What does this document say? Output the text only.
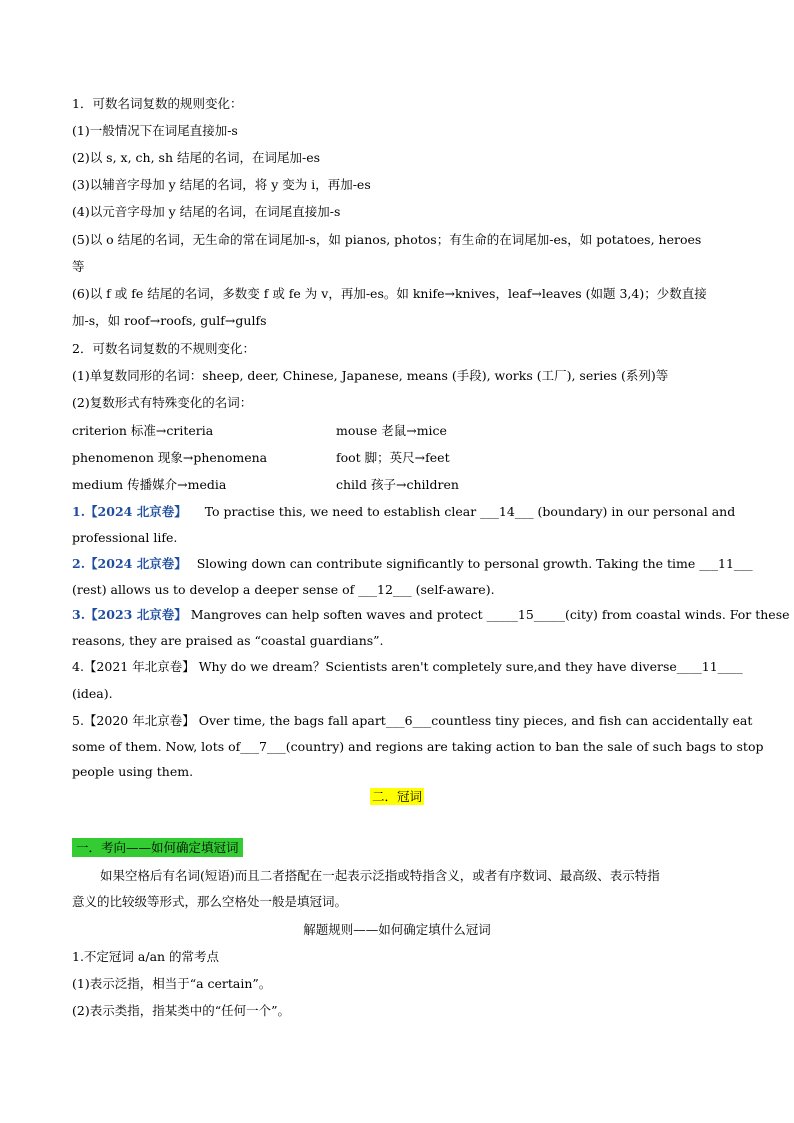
1．可数名词复数的规则变化：
(1)一般情况下在词尾直接加-s
(2)以 s, x, ch, sh 结尾的名词，在词尾加-es
(3)以辅音字母加 y 结尾的名词，将 y 变为 i，再加-es
(4)以元音字母加 y 结尾的名词，在词尾直接加-s
(5)以 o 结尾的名词，无生命的常在词尾加-s，如 pianos, photos；有生命的在词尾加-es，如 potatoes, heroes
等
(6)以 f 或 fe 结尾的名词，多数变 f 或 fe 为 v，再加-es。如 knife→knives，leaf→leaves (如题 3,4)；少数直接
加-s，如 roof→roofs, gulf→gulfs
2．可数名词复数的不规则变化：
(1)单复数同形的名词：sheep, deer, Chinese, Japanese, means (手段), works (工厂), series (系列)等
(2)复数形式有特殊变化的名词：
criterion 标准→criteria	mouse 老鼠→mice
phenomenon 现象→phenomena	foot 脚；英尺→feet
medium 传播媒介→media	child 孩子→children
1.【2024 北京卷】 To practise this, we need to establish clear ___14___ (boundary) in our personal and
professional life.
2.【2024 北京卷】 Slowing down can contribute significantly to personal growth. Taking the time ___11___
(rest) allows us to develop a deeper sense of ___12___ (self-aware).
3.【2023 北京卷】 Mangroves can help soften waves and protect _____15_____(city) from coastal winds. For these
reasons, they are praised as “coastal guardians”.
4.【2021 年北京卷】 Why do we dream？Scientists aren't completely sure,and they have diverse____11____
(idea).
5.【2020 年北京卷】 Over time, the bags fall apart___6___countless tiny pieces, and fish can accidentally eat
some of them. Now, lots of___7___(country) and regions are taking action to ban the sale of such bags to stop
people using them.
二．冠词
一．考向——如何确定填冠词
如果空格后有名词(短语)而且二者搭配在一起表示泛指或特指含义，或者有序数词、最高级、表示特指
意义的比较级等形式，那么空格处一般是填冠词。
解题规则——如何确定填什么冠词
1.不定冠词 a/an 的常考点
(1)表示泛指，相当于“a certain”。
(2)表示类指，指某类中的“任何一个”。
